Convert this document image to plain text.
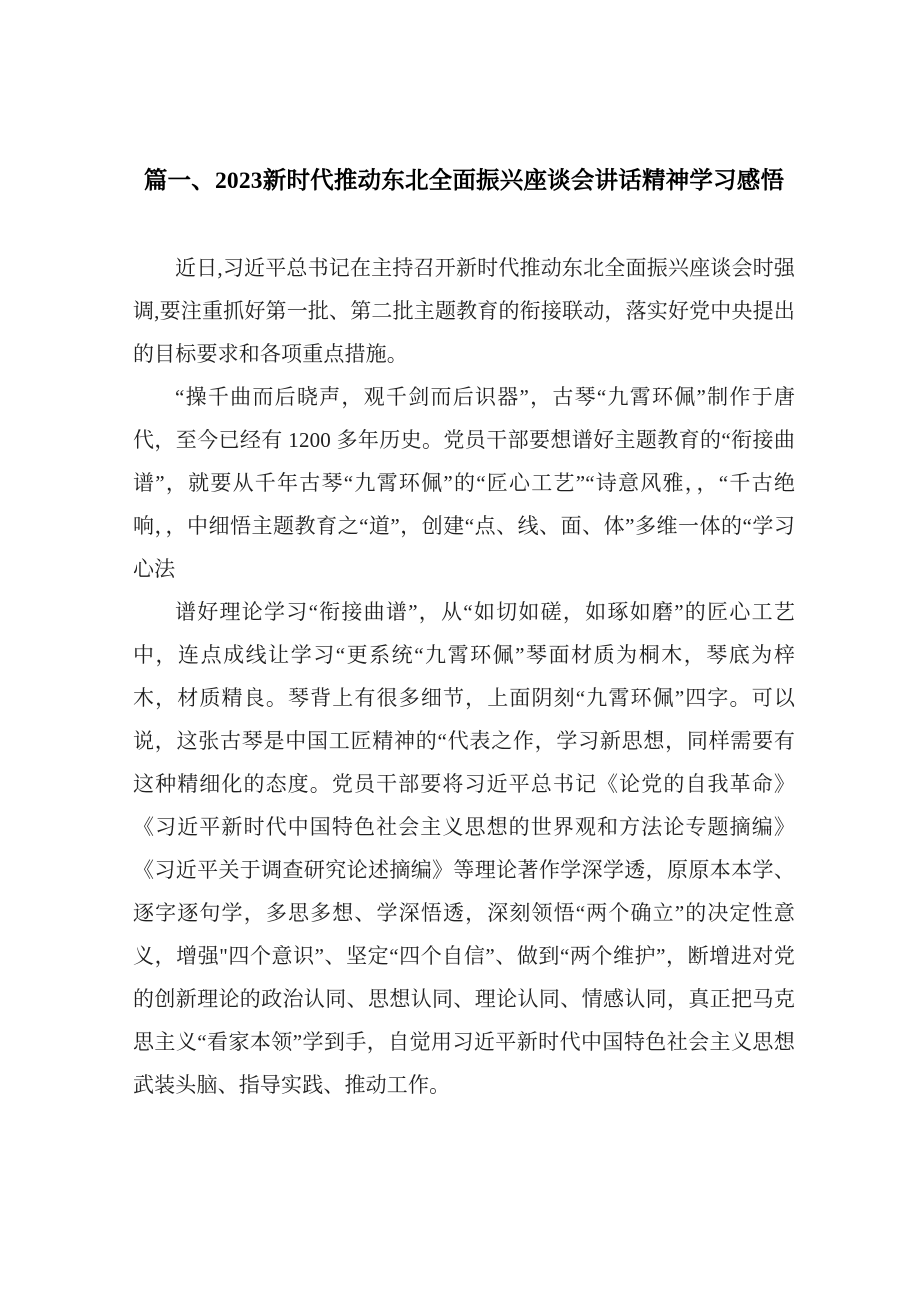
篇一、2023新时代推动东北全面振兴座谈会讲话精神学习感悟

近日,习近平总书记在主持召开新时代推动东北全面振兴座谈会时强调,要注重抓好第一批、第二批主题教育的衔接联动，落实好党中央提出的目标要求和各项重点措施。

“操千曲而后晓声，观千剑而后识器”，古琴“九霄环佩”制作于唐代，至今已经有 1200 多年历史。党员干部要想谱好主题教育的“衔接曲谱”，就要从千年古琴“九霄环佩”的“匠心工艺”“诗意风雅，，“千古绝响，，中细悟主题教育之“道”，创建“点、线、面、体”多维一体的“学习心法

谱好理论学习“衔接曲谱”，从“如切如磋，如琢如磨”的匠心工艺中，连点成线让学习“更系统“九霄环佩”琴面材质为桐木，琴底为梓木，材质精良。琴背上有很多细节，上面阴刻“九霄环佩”四字。可以说，这张古琴是中国工匠精神的“代表之作，学习新思想，同样需要有这种精细化的态度。党员干部要将习近平总书记《论党的自我革命》《习近平新时代中国特色社会主义思想的世界观和方法论专题摘编》《习近平关于调查研究论述摘编》等理论著作学深学透，原原本本学、逐字逐句学，多思多想、学深悟透，深刻领悟“两个确立”的决定性意义，增强"四个意识”、坚定“四个自信”、做到“两个维护”，断增进对党的创新理论的政治认同、思想认同、理论认同、情感认同，真正把马克思主义“看家本领”学到手，自觉用习近平新时代中国特色社会主义思想武装头脑、指导实践、推动工作。
